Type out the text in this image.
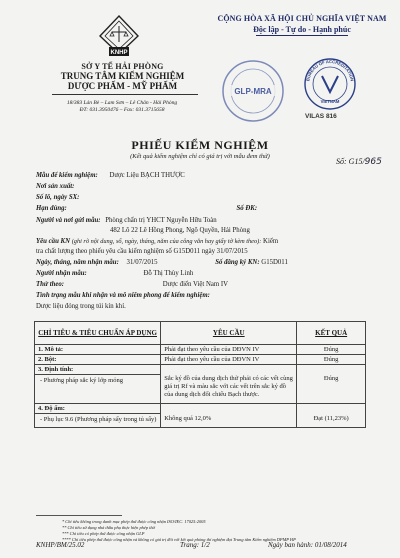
KNHP
SỞ Y TẾ HẢI PHÒNG
TRUNG TÂM KIỂM NGHIỆM
DƯỢC PHẨM - MỸ PHẨM
18/383 Lán Bè – Lam Sơn – Lê Chân - Hải Phòng
ĐT: 031.3950476 – Fax: 031.3715658
CỘNG HÒA XÃ HỘI CHỦ NGHĨA VIỆT NAM
Độc lập - Tự do - Hạnh phúc
GLP-MRA
BUREAU OF ACCREDITATION
VIETNAM
VILAS 816
PHIẾU KIỂM NGHIỆM
(Kết quả kiểm nghiệm chỉ có giá trị với mẫu đem thử)
Số: G15/965
Mẫu để kiểm nghiệm: Dược Liệu BẠCH THƯỢC
Nơi sản xuất:
Số lô, ngày SX:
Hạn dùng:	Số ĐK:
Người và nơi gửi mẫu: Phòng chẩn trị YHCT Nguyễn Hữu Toàn
482 Lô 22 Lê Hồng Phong, Ngô Quyền, Hải Phòng
Yêu cầu KN (ghi rõ nội dung, số, ngày, tháng, năm của công văn hay giấy tờ kèm theo): Kiểm
tra chất lượng theo phiếu yêu cầu kiểm nghiệm số G15D011 ngày 31/07/2015
Ngày, tháng, năm nhận mẫu: 31/07/2015	Số đăng ký KN: G15D011
Người nhận mẫu:	Đỗ Thị Thùy Linh
Thử theo:	Dược điển Việt Nam IV
Tình trạng mẫu khi nhận và mô niêm phong để kiểm nghiệm:
Dược liệu đóng trong túi kín khí.
CHỈ TIÊU & TIÊU CHUẨN ÁP DỤNG	YÊU CẦU	KẾT QUẢ
1. Mô tả:	Phải đạt theo yêu cầu của DĐVN IV	Đúng
2. Bột:	Phải đạt theo yêu cầu của DĐVN IV	Đúng

3. Định tính:
- Phương pháp sắc ký lớp mỏng	Sắc ký đồ của dung dịch thử phải có các vết cùng giá trị Rf và màu sắc với các vết trên sắc ký đồ của dung dịch đối chiếu Bạch thược.	Đúng

4. Độ ẩm:
- Phụ lục 9.6 (Phương pháp sấy trong tủ sấy)	Không quá 12,0%	Đạt (11,23%)
* Chỉ tiêu không trong danh mục phép thử được công nhận ISO/IEC. 17025:2005
** Chỉ tiêu sử dụng nhà thầu phụ thực hiện phép thử
*** Chỉ tiêu có phép thử được công nhận GLP
**** Chỉ tiêu phép thử được công nhận và không có giá trị đối với kết quả phòng thí nghiệm đạt Trung tâm Kiểm nghiệm DPMP HP
KNHP/BM/25.02	Trang: 1/2	Ngày ban hành: 01/08/2014
